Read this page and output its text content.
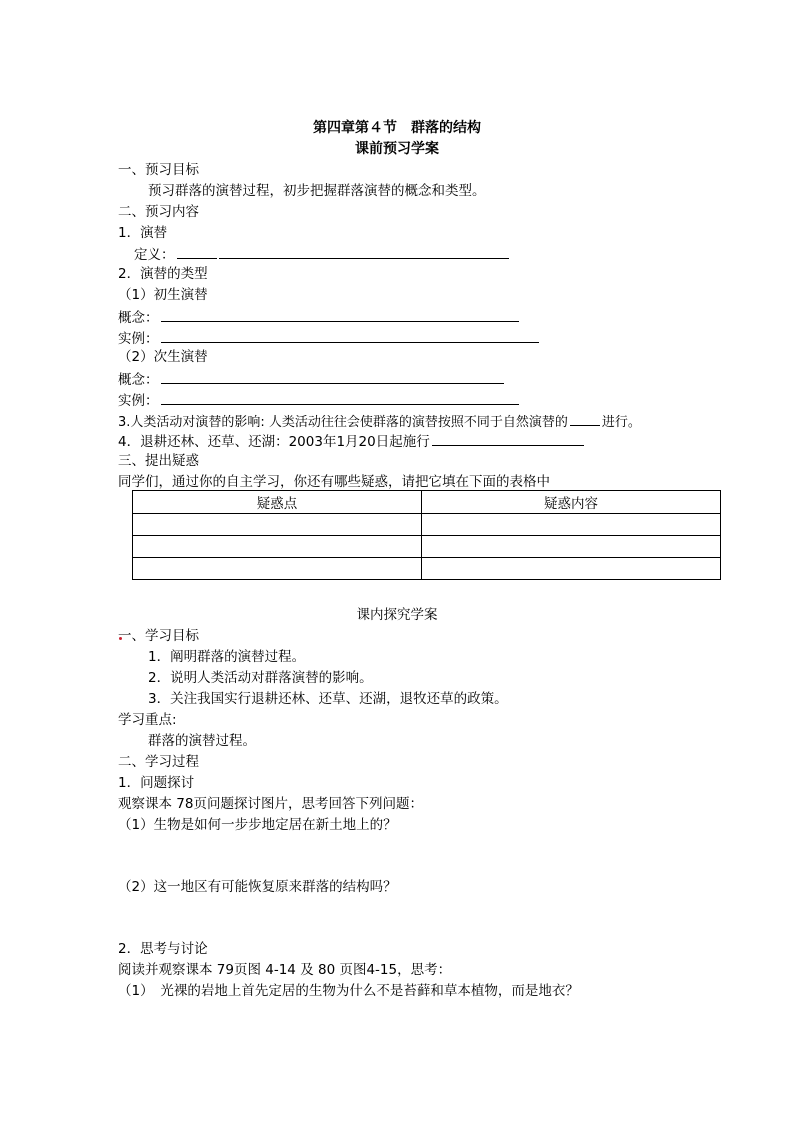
第四章第４节　群落的结构
课前预习学案
一、预习目标
预习群落的演替过程，初步把握群落演替的概念和类型。
二、预习内容
1．演替
定义：
2．演替的类型
（1）初生演替
概念：
实例：
（2）次生演替
概念：
实例：
3.人类活动对演替的影响: 人类活动往往会使群落的演替按照不同于自然演替的	进行。
4．退耕还林、还草、还湖：2003年1月20日起施行
三、提出疑惑
同学们，通过你的自主学习，你还有哪些疑惑，请把它填在下面的表格中
疑惑点	疑惑内容

课内探究学案
一、学习目标
1．阐明群落的演替过程。
2．说明人类活动对群落演替的影响。
3．关注我国实行退耕还林、还草、还湖，退牧还草的政策。
学习重点:
群落的演替过程。
二、学习过程
1．问题探讨
观察课本 78页问题探讨图片，思考回答下列问题：
（1）生物是如何一步步地定居在新土地上的？
（2）这一地区有可能恢复原来群落的结构吗？
2．思考与讨论
阅读并观察课本 79页图 4-14 及 80 页图4-15，思考：
（1）　光裸的岩地上首先定居的生物为什么不是苔藓和草本植物，而是地衣？
